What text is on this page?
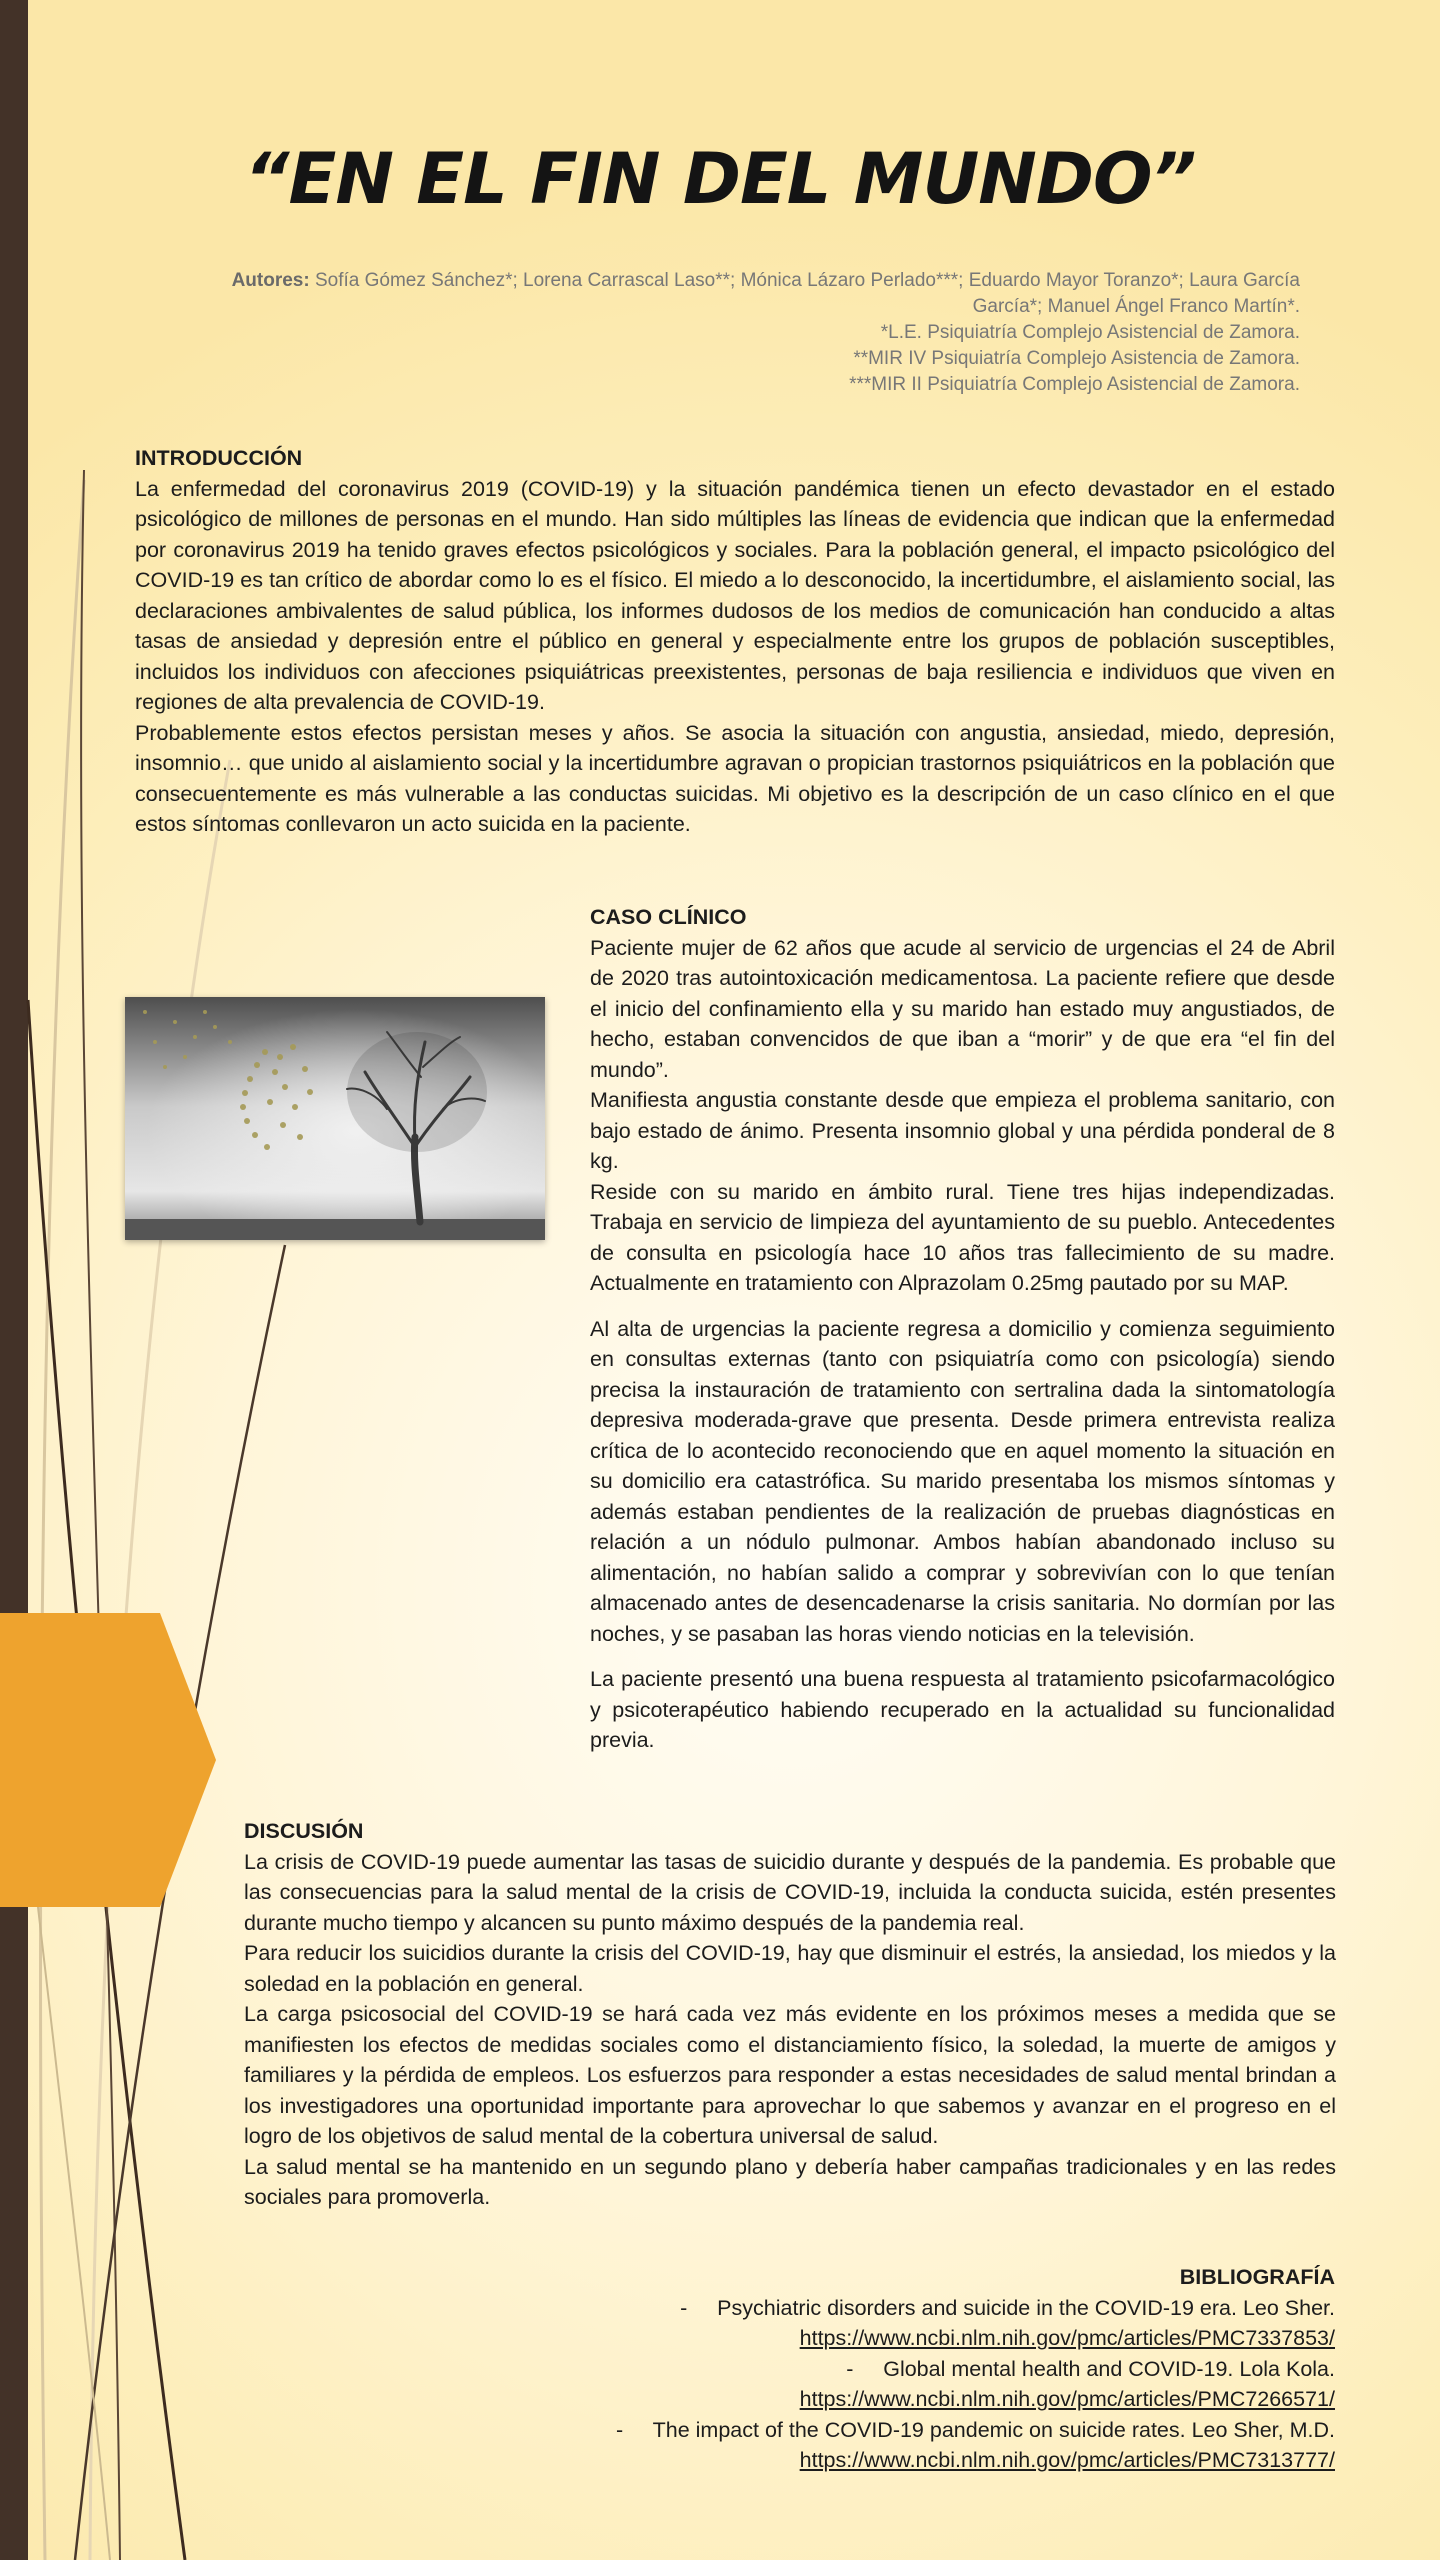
“EN EL FIN DEL MUNDO”
Autores: Sofía Gómez Sánchez*; Lorena Carrascal Laso**; Mónica Lázaro Perlado***; Eduardo Mayor Toranzo*; Laura García García*; Manuel Ángel Franco Martín*.
*L.E. Psiquiatría Complejo Asistencial de Zamora.
**MIR IV Psiquiatría Complejo Asistencia de Zamora.
***MIR II Psiquiatría Complejo Asistencial de Zamora.
INTRODUCCIÓN

La enfermedad del coronavirus 2019 (COVID-19) y la situación pandémica tienen un efecto devastador en el estado psicológico de millones de personas en el mundo. Han sido múltiples las líneas de evidencia que indican que la enfermedad por coronavirus 2019 ha tenido graves efectos psicológicos y sociales. Para la población general, el impacto psicológico del COVID-19 es tan crítico de abordar como lo es el físico. El miedo a lo desconocido, la incertidumbre, el aislamiento social, las declaraciones ambivalentes de salud pública, los informes dudosos de los medios de comunicación han conducido a altas tasas de ansiedad y depresión entre el público en general y especialmente entre los grupos de población susceptibles, incluidos los individuos con afecciones psiquiátricas preexistentes, personas de baja resiliencia e individuos que viven en regiones de alta prevalencia de COVID-19.

Probablemente estos efectos persistan meses y años. Se asocia la situación con angustia, ansiedad, miedo, depresión, insomnio… que unido al aislamiento social y la incertidumbre agravan o propician trastornos psiquiátricos en la población que consecuentemente es más vulnerable a las conductas suicidas. Mi objetivo es la descripción de un caso clínico en el que estos síntomas conllevaron un acto suicida en la paciente.

CASO CLÍNICO

Paciente mujer de 62 años que acude al servicio de urgencias el 24 de Abril de 2020 tras autointoxicación medicamentosa. La paciente refiere que desde el inicio del confinamiento ella y su marido han estado muy angustiados, de hecho, estaban convencidos de que iban a “morir” y de que era “el fin del mundo”.

Manifiesta angustia constante desde que empieza el problema sanitario, con bajo estado de ánimo. Presenta insomnio global y una pérdida ponderal de 8 kg.

Reside con su marido en ámbito rural. Tiene tres hijas independizadas. Trabaja en servicio de limpieza del ayuntamiento de su pueblo. Antecedentes de consulta en psicología hace 10 años tras fallecimiento de su madre. Actualmente en tratamiento con Alprazolam 0.25mg pautado por su MAP.

Al alta de urgencias la paciente regresa a domicilio y comienza seguimiento en consultas externas (tanto con psiquiatría como con psicología) siendo precisa la instauración de tratamiento con sertralina dada la sintomatología depresiva moderada-grave que presenta. Desde primera entrevista realiza crítica de lo acontecido reconociendo que en aquel momento la situación en su domicilio era catastrófica. Su marido presentaba los mismos síntomas y además estaban pendientes de la realización de pruebas diagnósticas en relación a un nódulo pulmonar. Ambos habían abandonado incluso su alimentación, no habían salido a comprar y sobrevivían con lo que tenían almacenado antes de desencadenarse la crisis sanitaria. No dormían por las noches, y se pasaban las horas viendo noticias en la televisión.

La paciente presentó una buena respuesta al tratamiento psicofarmacológico y psicoterapéutico habiendo recuperado en la actualidad su funcionalidad previa.

DISCUSIÓN

La crisis de COVID-19 puede aumentar las tasas de suicidio durante y después de la pandemia. Es probable que las consecuencias para la salud mental de la crisis de COVID-19, incluida la conducta suicida, estén presentes durante mucho tiempo y alcancen su punto máximo después de la pandemia real.

Para reducir los suicidios durante la crisis del COVID-19, hay que disminuir el estrés, la ansiedad, los miedos y la soledad en la población en general.

La carga psicosocial del COVID-19 se hará cada vez más evidente en los próximos meses a medida que se manifiesten los efectos de medidas sociales como el distanciamiento físico, la soledad, la muerte de amigos y familiares y la pérdida de empleos. Los esfuerzos para responder a estas necesidades de salud mental brindan a los investigadores una oportunidad importante para aprovechar lo que sabemos y avanzar en el progreso en el logro de los objetivos de salud mental de la cobertura universal de salud.

La salud mental se ha mantenido en un segundo plano y debería haber campañas tradicionales y en las redes sociales para promoverla.

BIBLIOGRAFÍA
-     Psychiatric disorders and suicide in the COVID-19 era. Leo Sher.
https://www.ncbi.nlm.nih.gov/pmc/articles/PMC7337853/
-     Global mental health and COVID-19. Lola Kola.
https://www.ncbi.nlm.nih.gov/pmc/articles/PMC7266571/
-     The impact of the COVID-19 pandemic on suicide rates. Leo Sher, M.D.
https://www.ncbi.nlm.nih.gov/pmc/articles/PMC7313777/
